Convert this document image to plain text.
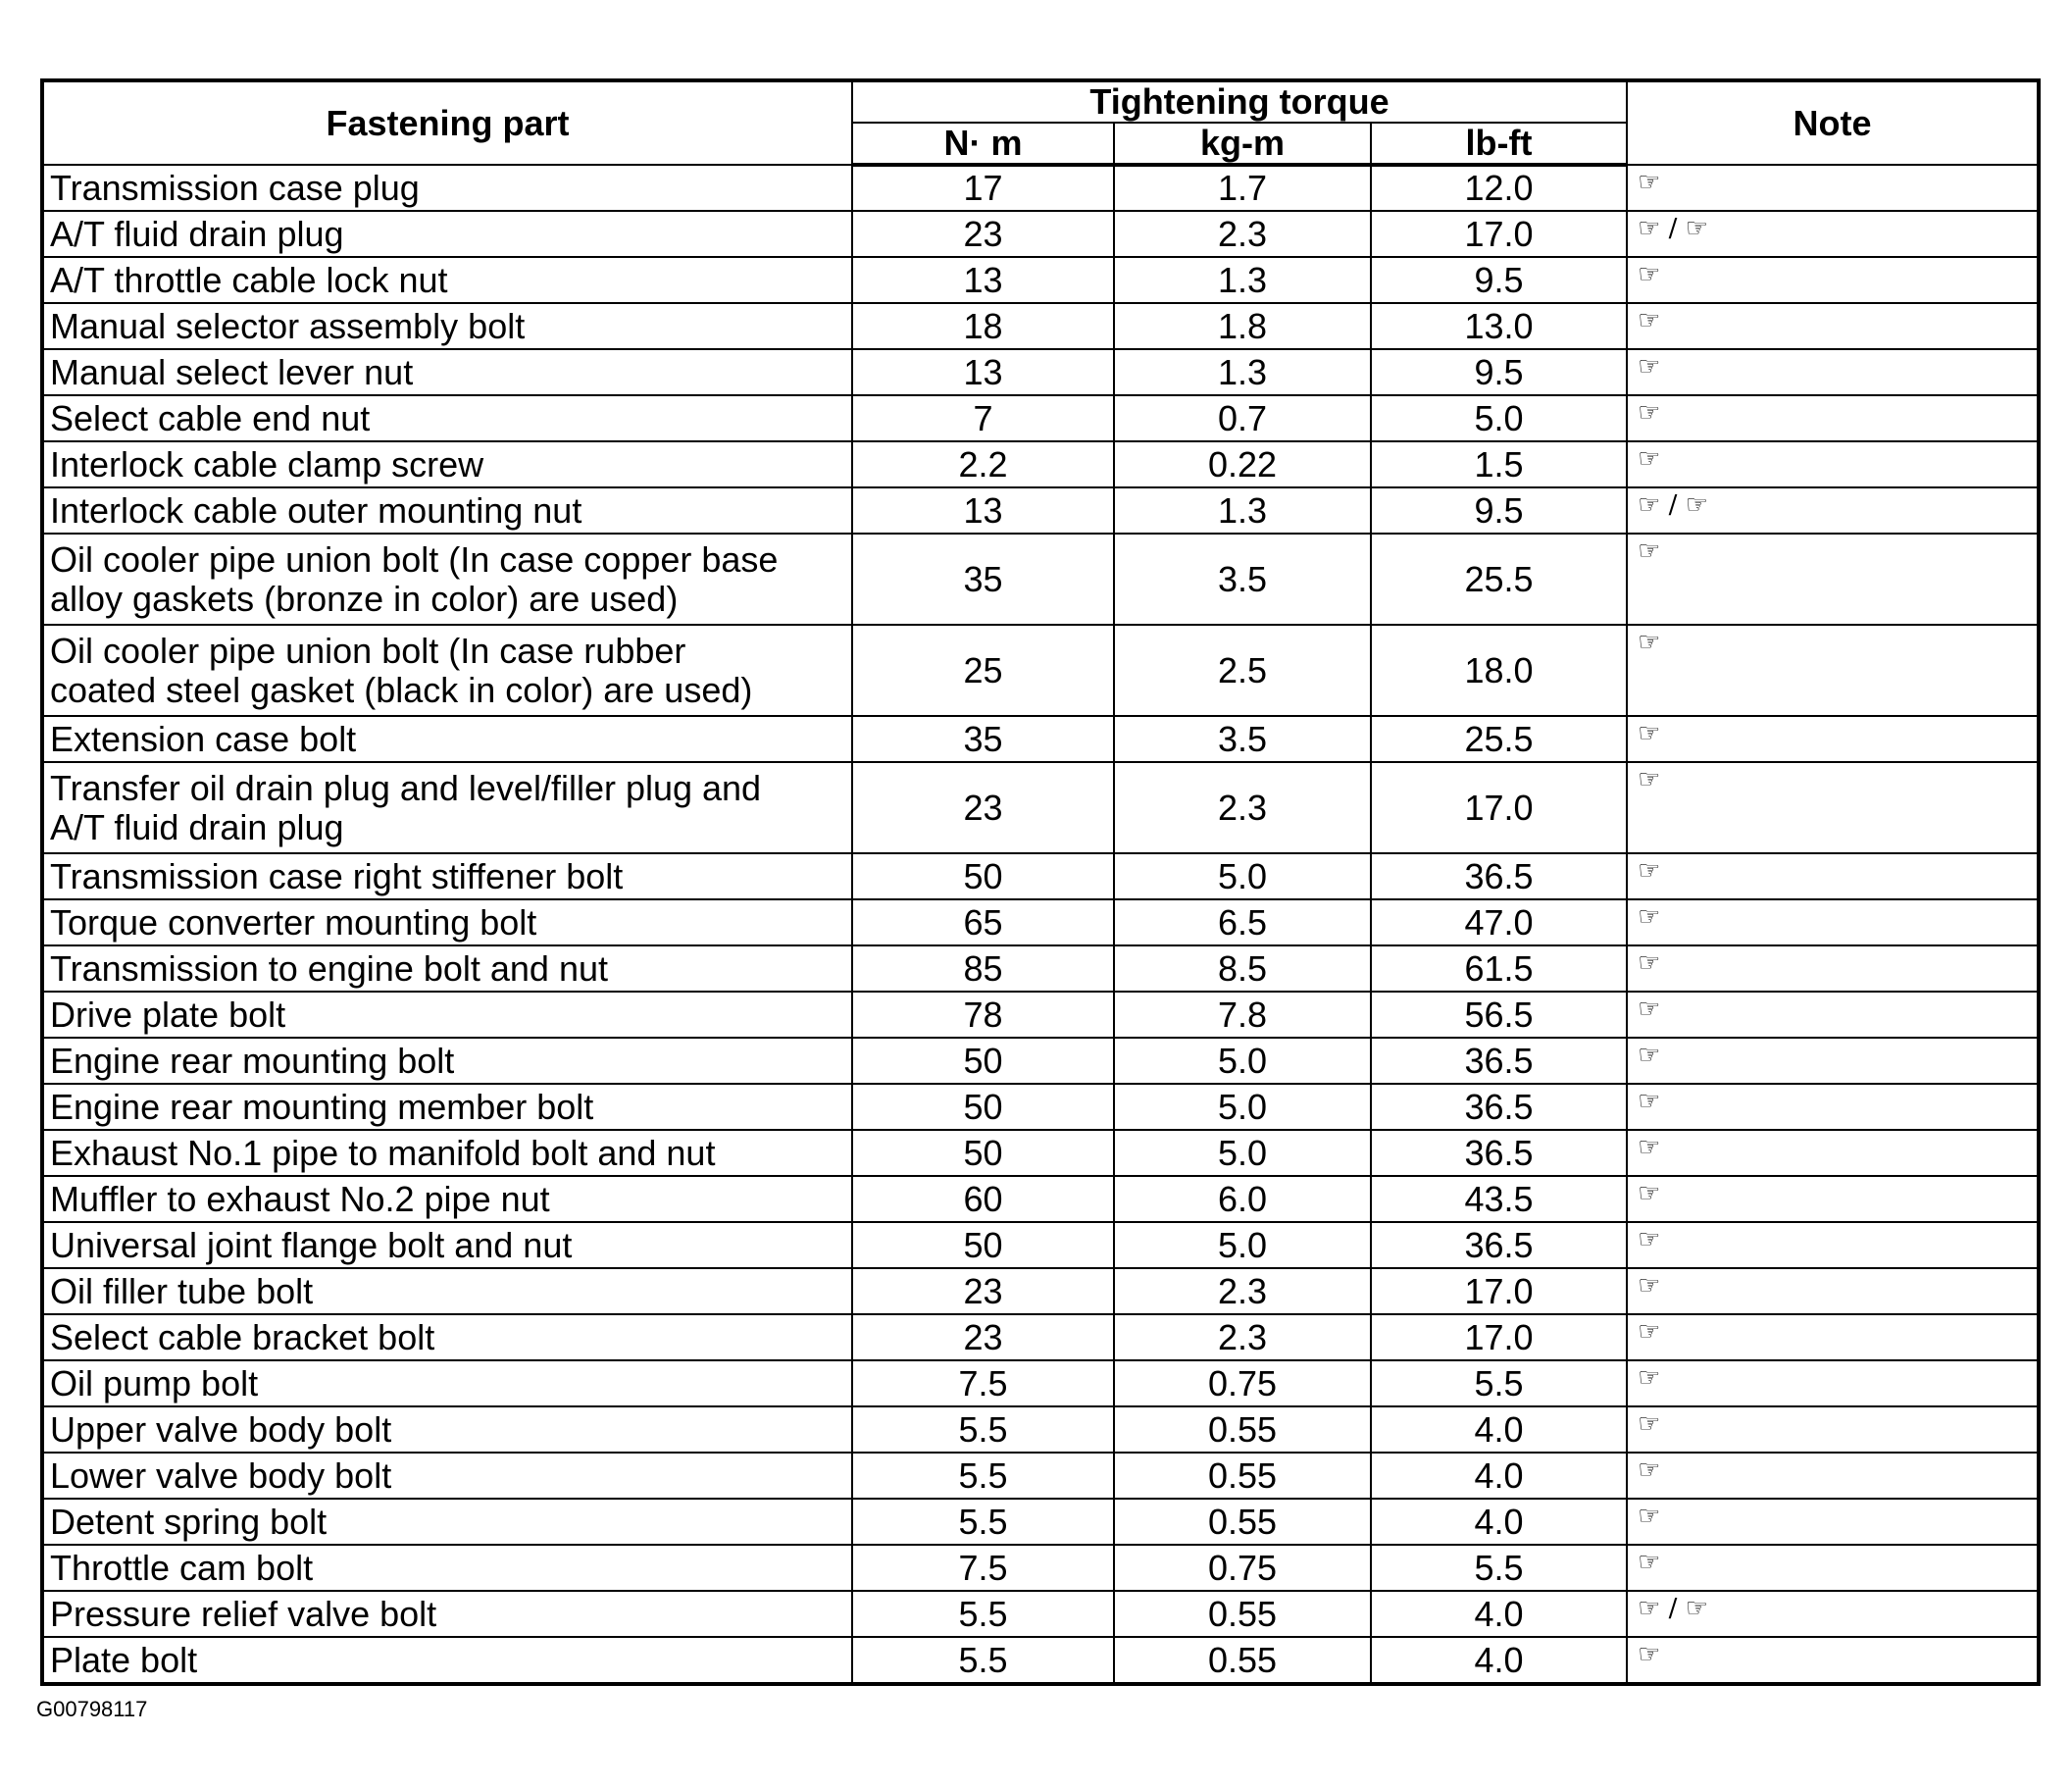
Fastening part	Tightening torque			Note
	N· m	kg-m	lb-ft	
Transmission case plug	17	1.7	12.0	☞
A/T fluid drain plug	23	2.3	17.0	☞ / ☞
A/T throttle cable lock nut	13	1.3	9.5	☞
Manual selector assembly bolt	18	1.8	13.0	☞
Manual select lever nut	13	1.3	9.5	☞
Select cable end nut	7	0.7	5.0	☞
Interlock cable clamp screw	2.2	0.22	1.5	☞
Interlock cable outer mounting nut	13	1.3	9.5	☞ / ☞

Oil cooler pipe union bolt (In case copper base
alloy gaskets (bronze in color) are used)	35	3.5	25.5	☞

Oil cooler pipe union bolt (In case rubber
coated steel gasket (black in color) are used)	25	2.5	18.0	☞
Extension case bolt	35	3.5	25.5	☞

Transfer oil drain plug and level/filler plug and
A/T fluid drain plug	23	2.3	17.0	☞
Transmission case right stiffener bolt	50	5.0	36.5	☞
Torque converter mounting bolt	65	6.5	47.0	☞
Transmission to engine bolt and nut	85	8.5	61.5	☞
Drive plate bolt	78	7.8	56.5	☞
Engine rear mounting bolt	50	5.0	36.5	☞
Engine rear mounting member bolt	50	5.0	36.5	☞
Exhaust No.1 pipe to manifold bolt and nut	50	5.0	36.5	☞
Muffler to exhaust No.2 pipe nut	60	6.0	43.5	☞
Universal joint flange bolt and nut	50	5.0	36.5	☞
Oil filler tube bolt	23	2.3	17.0	☞
Select cable bracket bolt	23	2.3	17.0	☞
Oil pump bolt	7.5	0.75	5.5	☞
Upper valve body bolt	5.5	0.55	4.0	☞
Lower valve body bolt	5.5	0.55	4.0	☞
Detent spring bolt	5.5	0.55	4.0	☞
Throttle cam bolt	7.5	0.75	5.5	☞
Pressure relief valve bolt	5.5	0.55	4.0	☞ / ☞
Plate bolt	5.5	0.55	4.0	☞
G00798117
